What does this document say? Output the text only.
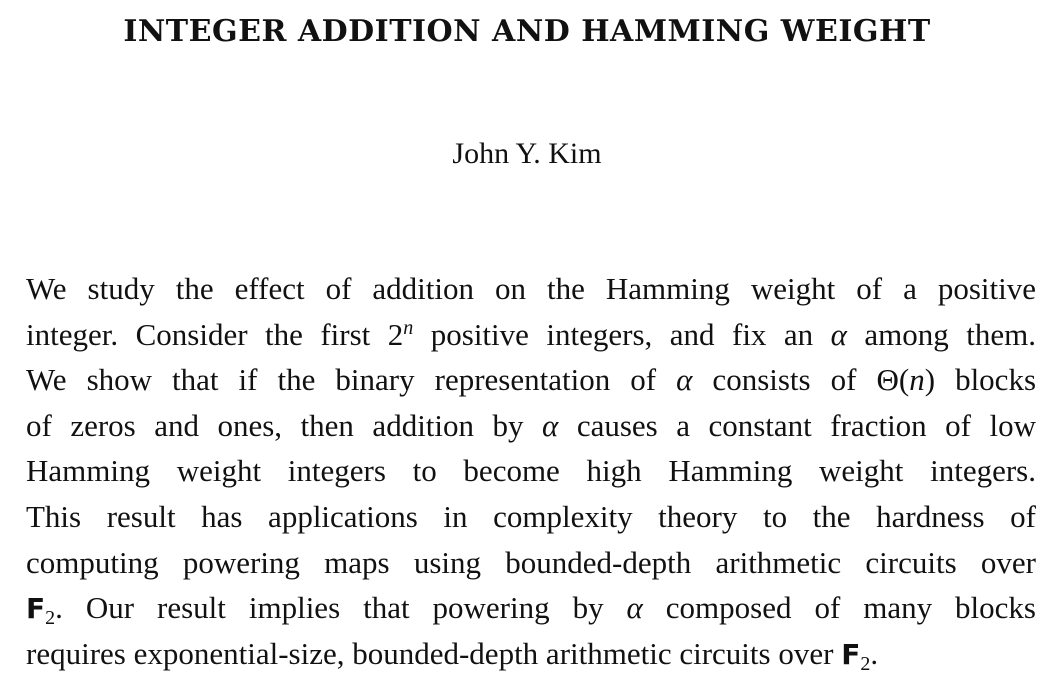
INTEGER ADDITION AND HAMMING WEIGHT
John Y. Kim
We study the effect of addition on the Hamming weight of a positive
integer. Consider the first 2$^n$ positive integers, and fix an α among them.
We show that if the binary representation of α consists of Θ(n) blocks
of zeros and ones, then addition by α causes a constant fraction of low
Hamming weight integers to become high Hamming weight integers.
This result has applications in complexity theory to the hardness of
computing powering maps using bounded-depth arithmetic circuits over
$F_2$. Our result implies that powering by α composed of many blocks
requires exponential-size, bounded-depth arithmetic circuits over $F_2$.
